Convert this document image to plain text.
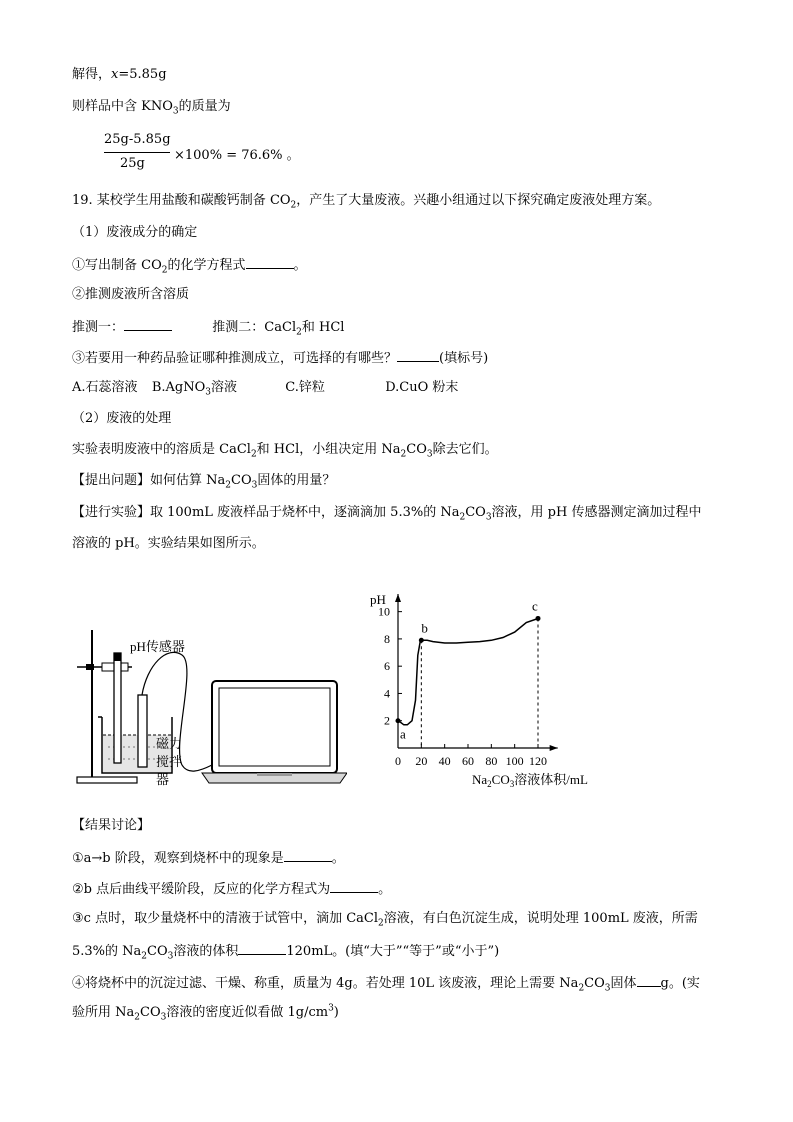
解得，x=5.85g
则样品中含 $KNO_3$的质量为
25g-5.85g
25g
×100% = 76.6% 。
19. 某校学生用盐酸和碳酸钙制备 $CO_2$，产生了大量废液。兴趣小组通过以下探究确定废液处理方案。
（1）废液成分的确定
①写出制备 $CO_2$的化学方程式	。
②推测废液所含溶质
推测一：	推测二：CaCl$_2$和 HCl
③若要用一种药品验证哪种推测成立，可选择的有哪些？	(填标号)
A.石蕊溶液 B.AgNO$_3$溶液	C.锌粒	D.CuO 粉末
（2）废液的处理
实验表明废液中的溶质是 CaCl$_2$和 HCl，小组决定用 $Na_2CO_3$除去它们。
【提出问题】如何估算 $Na_2CO_3$固体的用量？
【进行实验】取 100mL 废液样品于烧杯中，逐滴滴加 5.3%的 $Na_2CO_3$溶液，用 pH 传感器测定滴加过程中
溶液的 pH。实验结果如图所示。
pH传感器
磁力
搅拌
器
pH
2
4
6
8
10
0 20 40 60 80 100 120
$Na_2CO_3$溶液体积/mL
a
b
c
【结果讨论】
①a→b 阶段，观察到烧杯中的现象是	。
②b 点后曲线平缓阶段，反应的化学方程式为	。
③c 点时，取少量烧杯中的清液于试管中，滴加 CaCl$_2$溶液，有白色沉淀生成，说明处理 100mL 废液，所需
5.3%的 $Na_2CO_3$溶液的体积	120mL。(填“大于”“等于”或“小于”)
④将烧杯中的沉淀过滤、干燥、称重，质量为 4g。若处理 10L 该废液，理论上需要 $Na_2CO_3$固体 g。(实
验所用 $Na_2CO_3$溶液的密度近似看做 $1g/cm^3$)
